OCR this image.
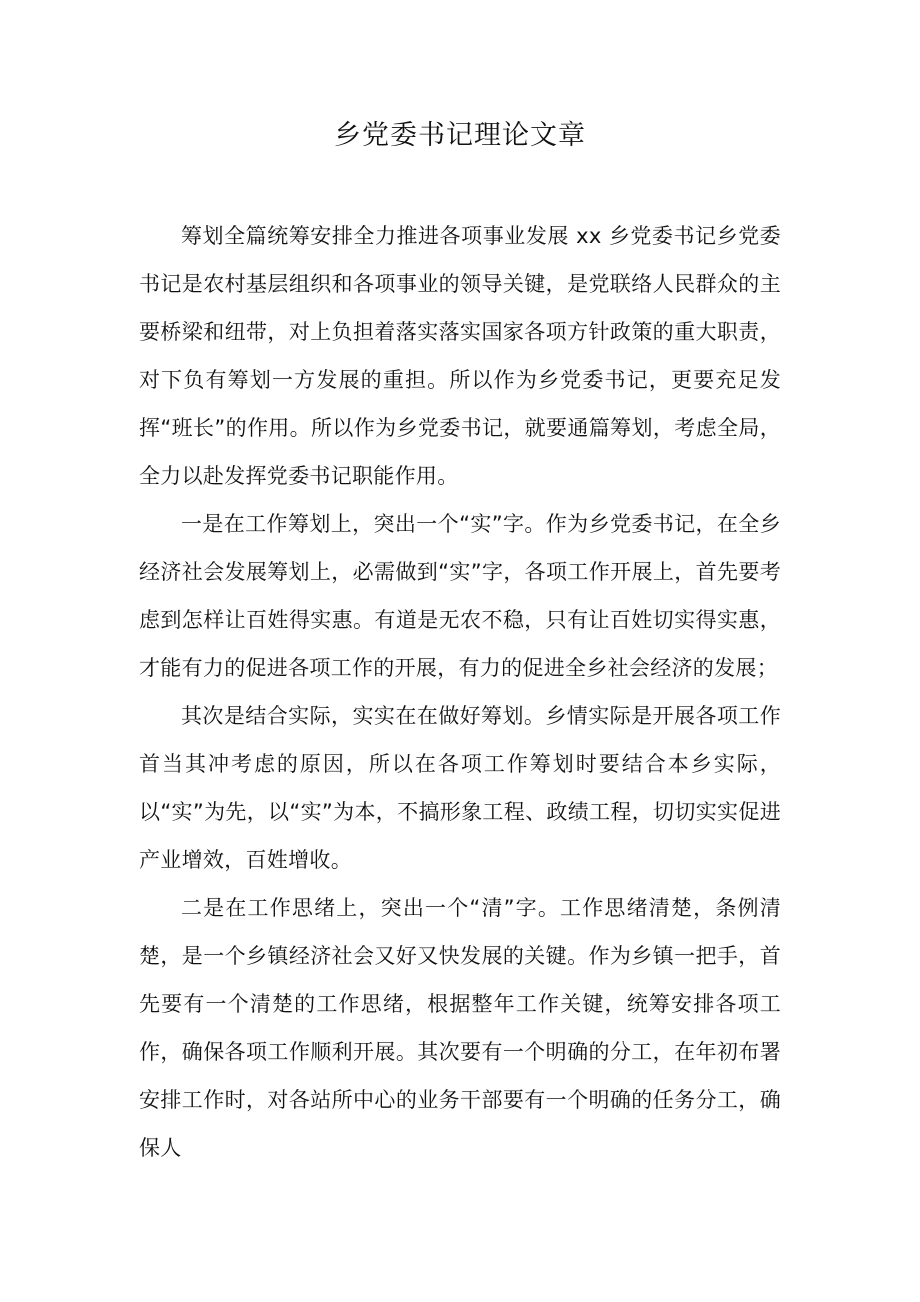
乡党委书记理论文章

筹划全篇统筹安排全力推进各项事业发展 xx 乡党委书记乡党委书记是农村基层组织和各项事业的领导关键，是党联络人民群众的主要桥梁和纽带，对上负担着落实落实国家各项方针政策的重大职责，对下负有筹划一方发展的重担。所以作为乡党委书记，更要充足发挥“班长”的作用。所以作为乡党委书记，就要通篇筹划，考虑全局，全力以赴发挥党委书记职能作用。

一是在工作筹划上，突出一个“实”字。作为乡党委书记，在全乡经济社会发展筹划上，必需做到“实”字，各项工作开展上，首先要考虑到怎样让百姓得实惠。有道是无农不稳，只有让百姓切实得实惠，才能有力的促进各项工作的开展，有力的促进全乡社会经济的发展；

其次是结合实际，实实在在做好筹划。乡情实际是开展各项工作首当其冲考虑的原因，所以在各项工作筹划时要结合本乡实际，以“实”为先，以“实”为本，不搞形象工程、政绩工程，切切实实促进产业增效，百姓增收。

二是在工作思绪上，突出一个“清”字。工作思绪清楚，条例清楚，是一个乡镇经济社会又好又快发展的关键。作为乡镇一把手，首先要有一个清楚的工作思绪，根据整年工作关键，统筹安排各项工作，确保各项工作顺利开展。其次要有一个明确的分工，在年初布署安排工作时，对各站所中心的业务干部要有一个明确的任务分工，确保人
